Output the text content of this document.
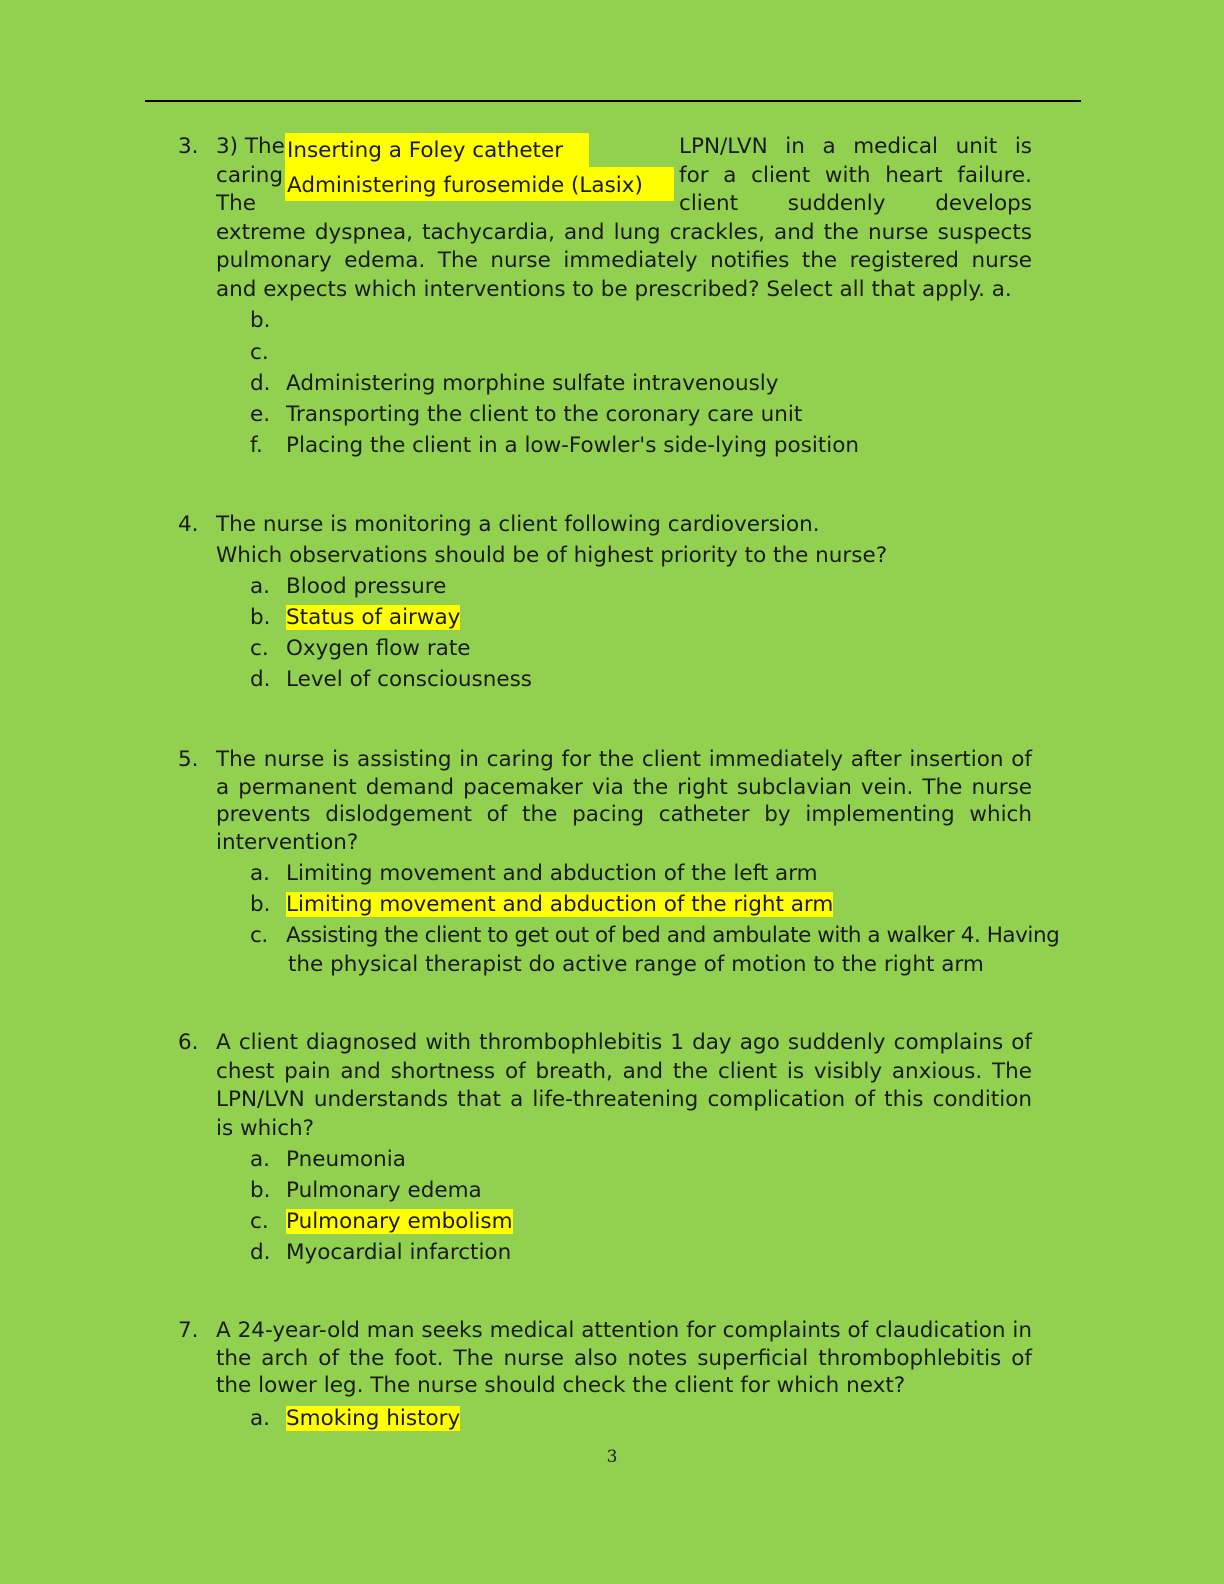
3. 3) The	LPN/LVN in a medical unit is
caring	for a client with heart failure.
The	client suddenly develops
extreme dyspnea, tachycardia, and lung crackles, and the nurse suspects pulmonary edema. The nurse immediately notifies the registered nurse and expects which interventions to be prescribed? Select all that apply. a.
Inserting a Foley catheter
Administering furosemide (Lasix)
b.
c.
d. Administering morphine sulfate intravenously
e. Transporting the client to the coronary care unit
f. Placing the client in a low-Fowler's side-lying position
4. The nurse is monitoring a client following cardioversion.
Which observations should be of highest priority to the nurse?
a. Blood pressure
b. Status of airway
c. Oxygen flow rate
d. Level of consciousness
5. The nurse is assisting in caring for the client immediately after insertion of a permanent demand pacemaker via the right subclavian vein. The nurse prevents dislodgement of the pacing catheter by implementing which intervention?
a. Limiting movement and abduction of the left arm
b. Limiting movement and abduction of the right arm
c. Assisting the client to get out of bed and ambulate with a walker 4. Having
the physical therapist do active range of motion to the right arm
6. A client diagnosed with thrombophlebitis 1 day ago suddenly complains of chest pain and shortness of breath, and the client is visibly anxious. The LPN/LVN understands that a life-threatening complication of this condition is which?
a. Pneumonia
b. Pulmonary edema
c. Pulmonary embolism
d. Myocardial infarction
7. A 24-year-old man seeks medical attention for complaints of claudication in the arch of the foot. The nurse also notes superficial thrombophlebitis of the lower leg. The nurse should check the client for which next?
a. Smoking history
3
